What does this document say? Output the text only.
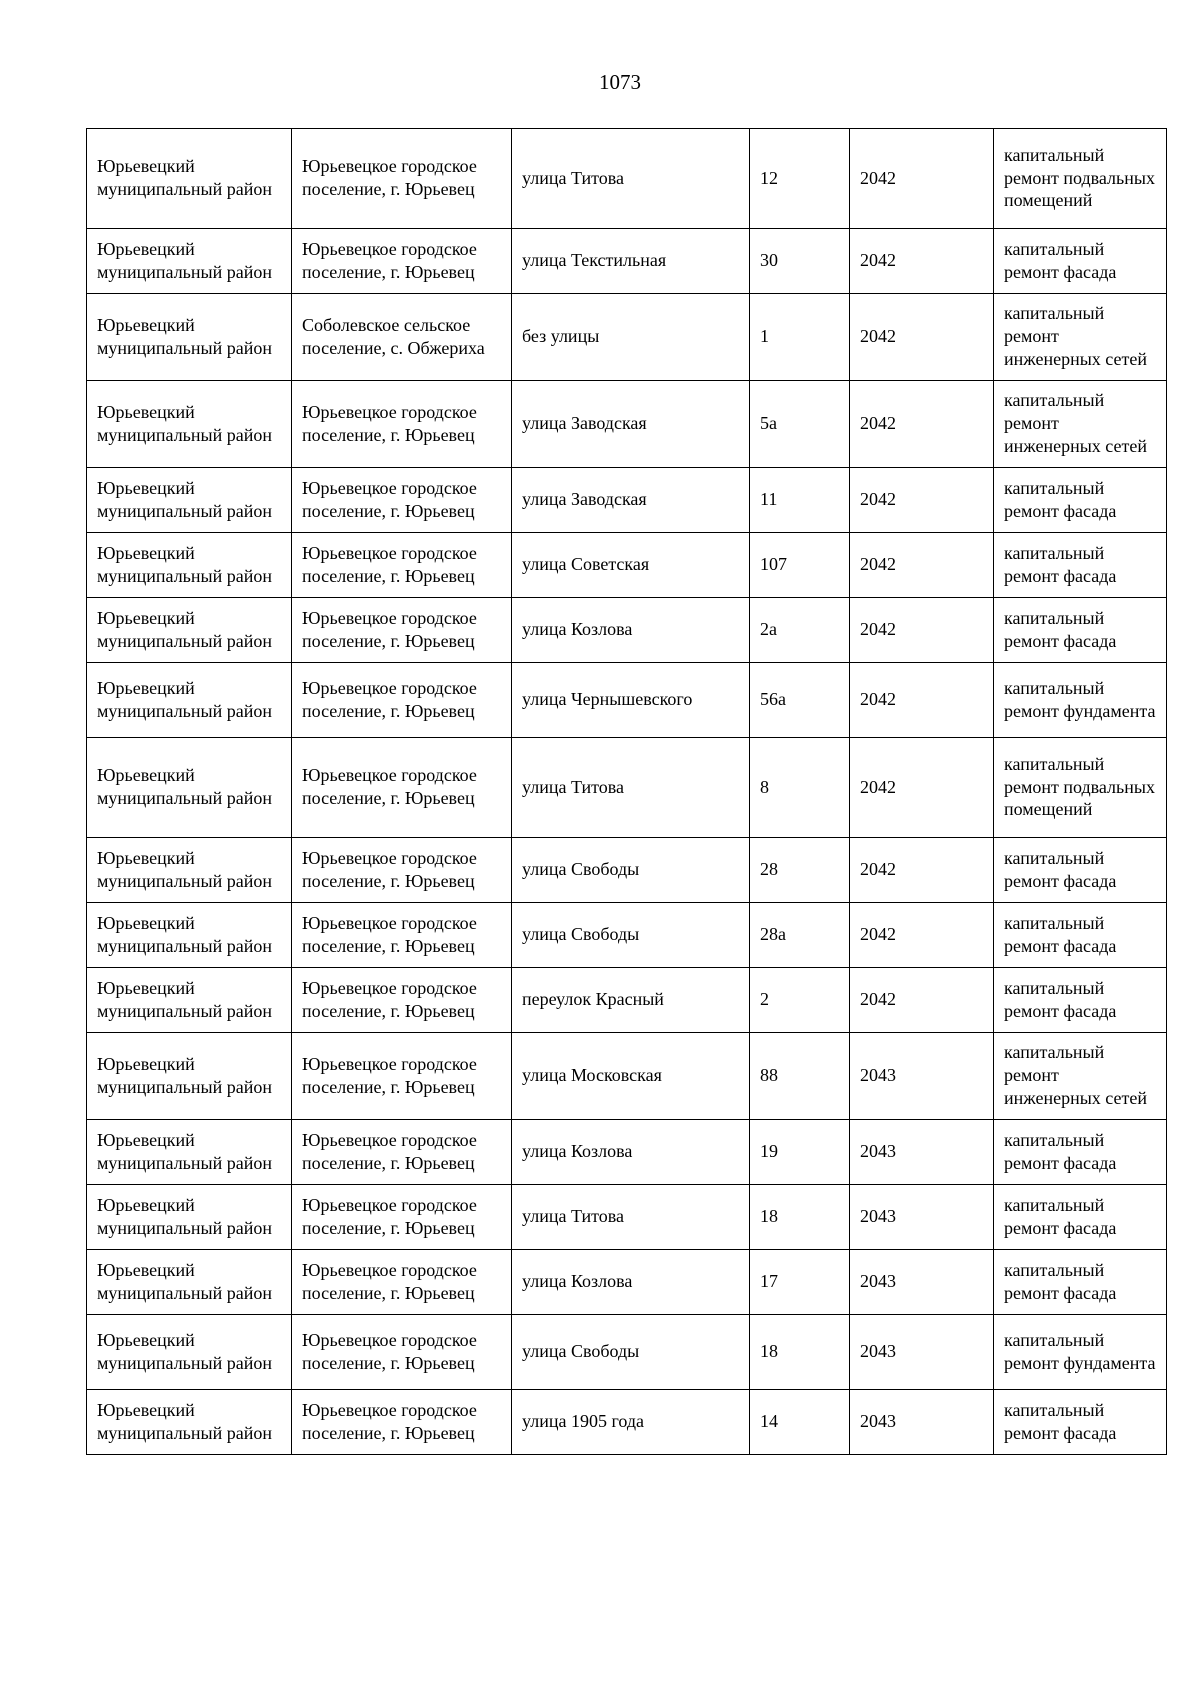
1073
Юрьевецкий муниципальный район	Юрьевецкое городское поселение, г. Юрьевец	улица Титова	12	2042	капитальный ремонт подвальных помещений
Юрьевецкий муниципальный район	Юрьевецкое городское поселение, г. Юрьевец	улица Текстильная	30	2042	капитальный ремонт фасада
Юрьевецкий муниципальный район	Соболевское сельское поселение, с. Обжериха	без улицы	1	2042	капитальный ремонт инженерных сетей
Юрьевецкий муниципальный район	Юрьевецкое городское поселение, г. Юрьевец	улица Заводская	5а	2042	капитальный ремонт инженерных сетей
Юрьевецкий муниципальный район	Юрьевецкое городское поселение, г. Юрьевец	улица Заводская	11	2042	капитальный ремонт фасада
Юрьевецкий муниципальный район	Юрьевецкое городское поселение, г. Юрьевец	улица Советская	107	2042	капитальный ремонт фасада
Юрьевецкий муниципальный район	Юрьевецкое городское поселение, г. Юрьевец	улица Козлова	2а	2042	капитальный ремонт фасада
Юрьевецкий муниципальный район	Юрьевецкое городское поселение, г. Юрьевец	улица Чернышевского	56а	2042	капитальный ремонт фундамента
Юрьевецкий муниципальный район	Юрьевецкое городское поселение, г. Юрьевец	улица Титова	8	2042	капитальный ремонт подвальных помещений
Юрьевецкий муниципальный район	Юрьевецкое городское поселение, г. Юрьевец	улица Свободы	28	2042	капитальный ремонт фасада
Юрьевецкий муниципальный район	Юрьевецкое городское поселение, г. Юрьевец	улица Свободы	28а	2042	капитальный ремонт фасада
Юрьевецкий муниципальный район	Юрьевецкое городское поселение, г. Юрьевец	переулок Красный	2	2042	капитальный ремонт фасада
Юрьевецкий муниципальный район	Юрьевецкое городское поселение, г. Юрьевец	улица Московская	88	2043	капитальный ремонт инженерных сетей
Юрьевецкий муниципальный район	Юрьевецкое городское поселение, г. Юрьевец	улица Козлова	19	2043	капитальный ремонт фасада
Юрьевецкий муниципальный район	Юрьевецкое городское поселение, г. Юрьевец	улица Титова	18	2043	капитальный ремонт фасада
Юрьевецкий муниципальный район	Юрьевецкое городское поселение, г. Юрьевец	улица Козлова	17	2043	капитальный ремонт фасада
Юрьевецкий муниципальный район	Юрьевецкое городское поселение, г. Юрьевец	улица Свободы	18	2043	капитальный ремонт фундамента
Юрьевецкий муниципальный район	Юрьевецкое городское поселение, г. Юрьевец	улица 1905 года	14	2043	капитальный ремонт фасада
